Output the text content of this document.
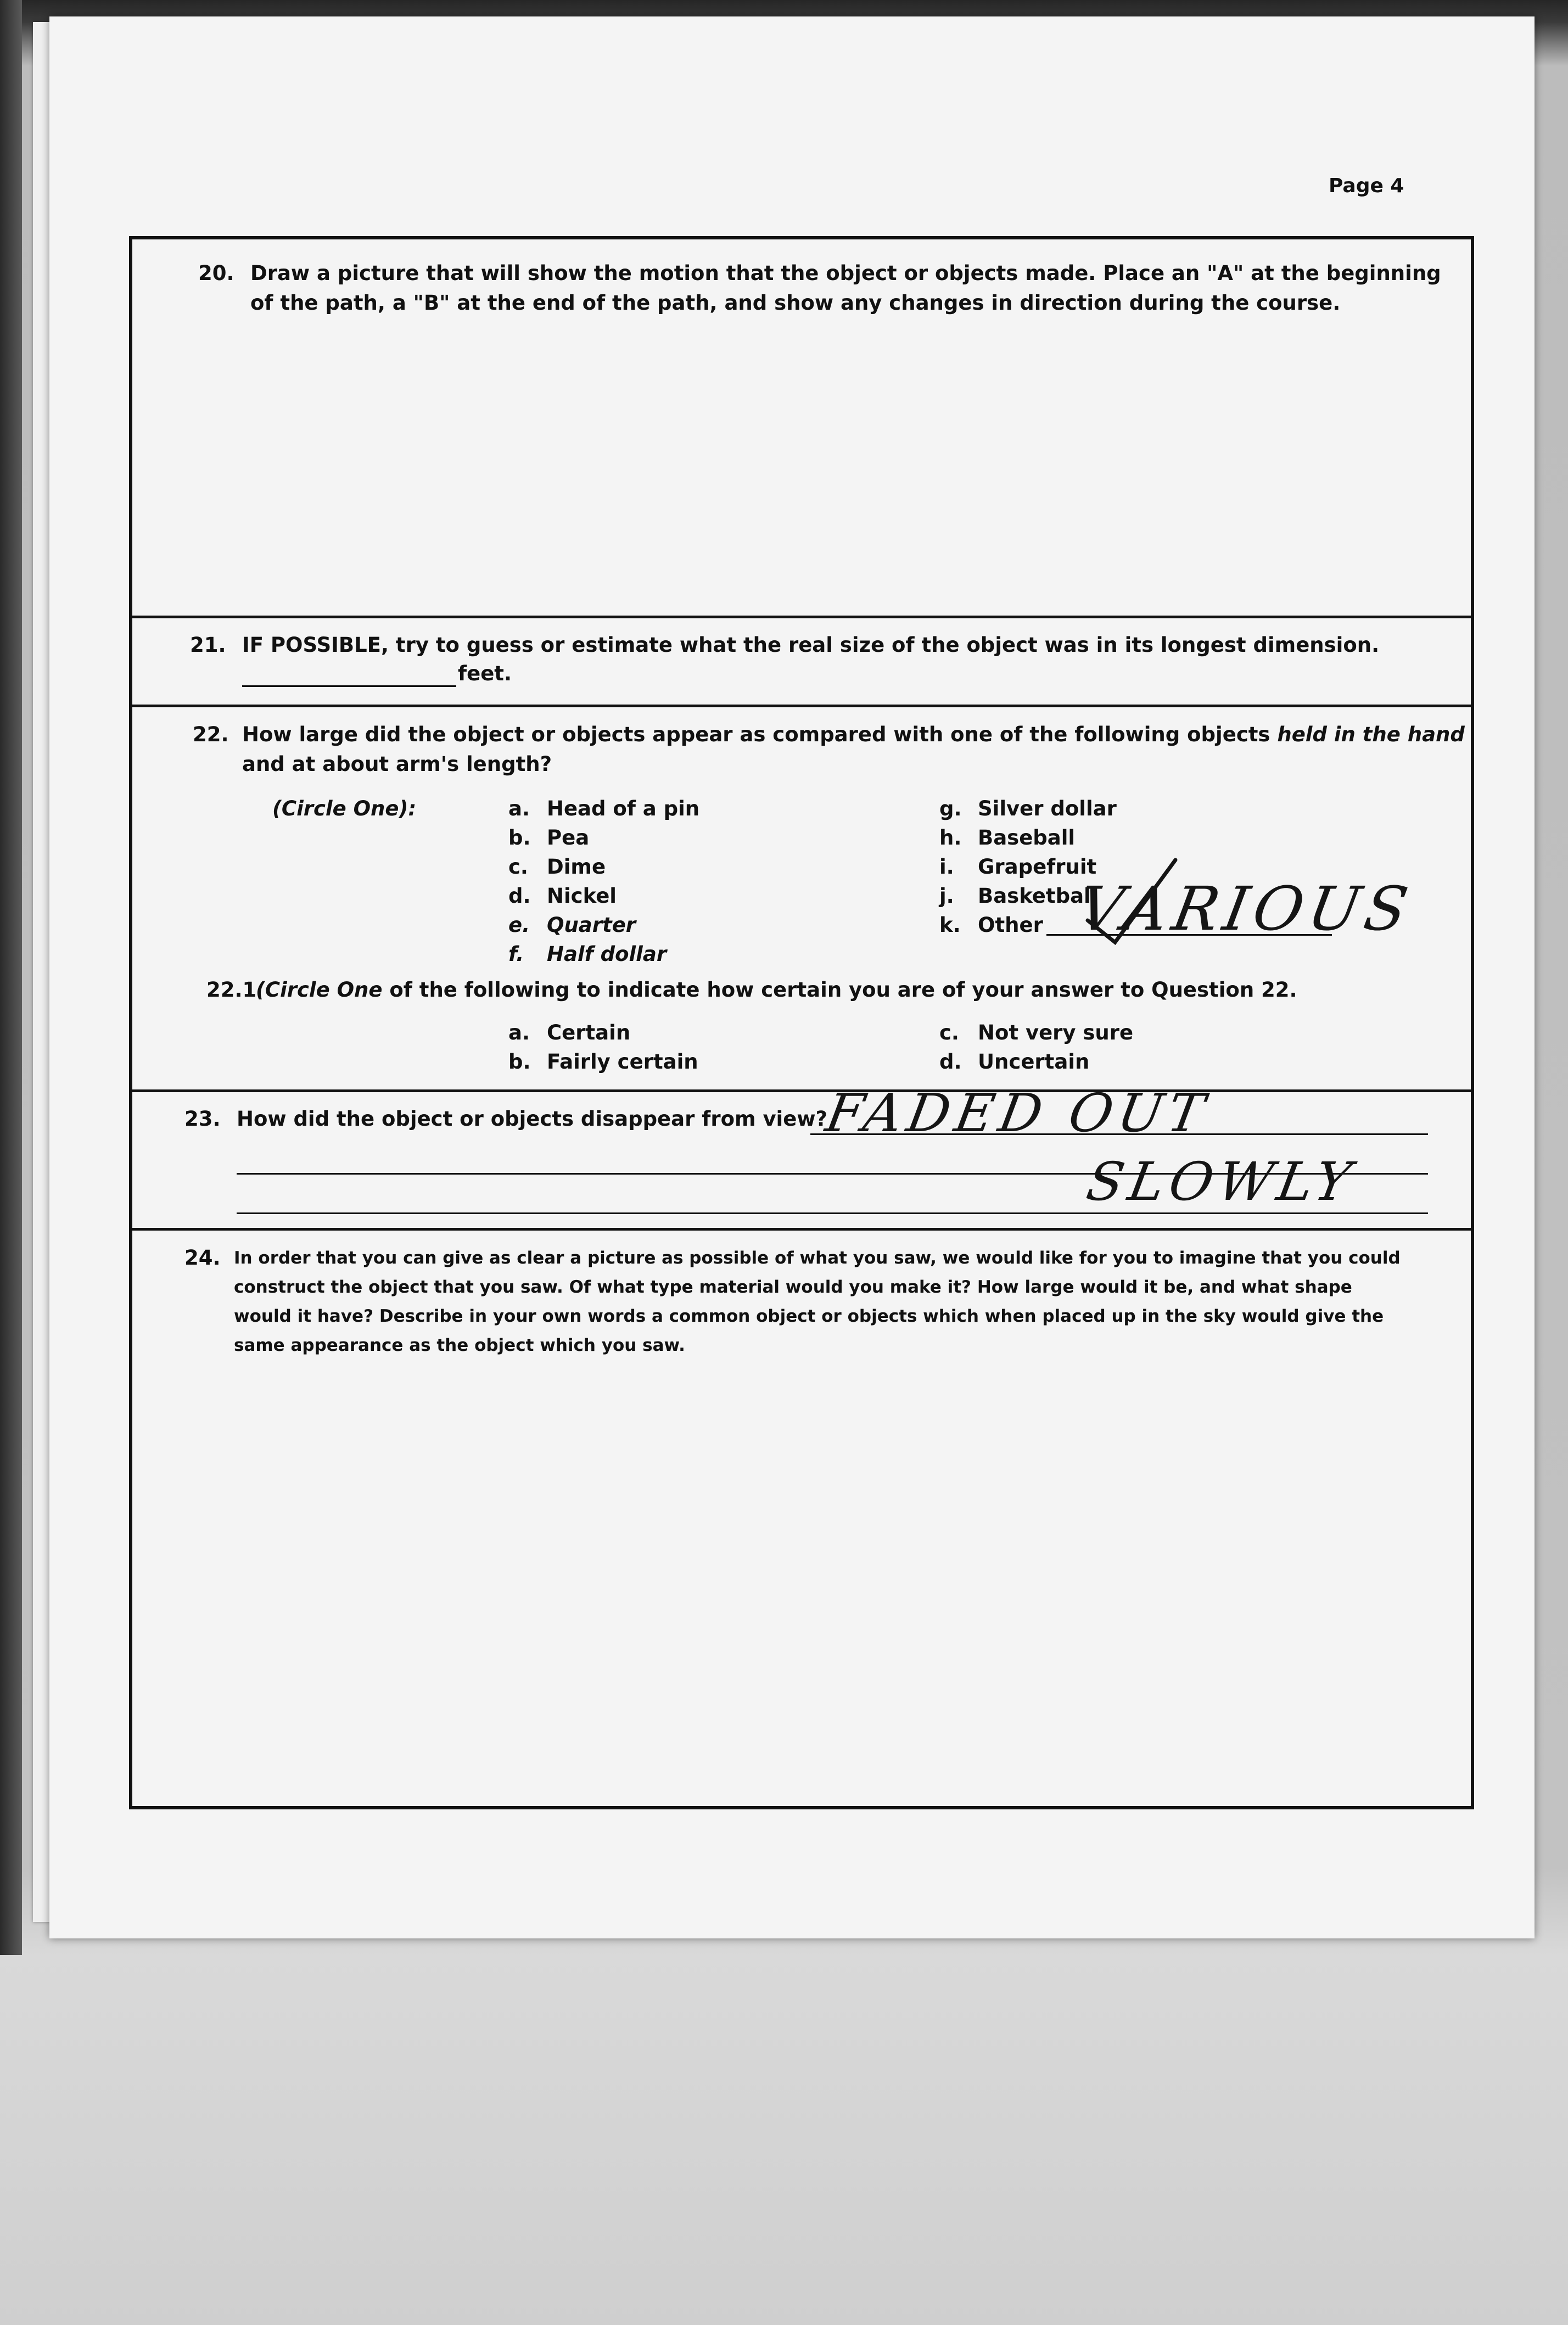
Page 4
20. Draw a picture that will show the motion that the object or objects made. Place an "A" at the beginning
of the path, a "B" at the end of the path, and show any changes in direction during the course.
21. IF POSSIBLE, try to guess or estimate what the real size of the object was in its longest dimension.
feet.
22. How large did the object or objects appear as compared with one of the following objects held in the hand
and at about arm's length?
(Circle One):	a. Head of a pin
b. Pea
c. Dime
d. Nickel
e. Quarter
f. Half dollar
g. Silver dollar
h. Baseball
i. Grapefruit
j. Basketball
k. Other VARIOUS
22.1(Circle One of the following to indicate how certain you are of your answer to Question 22.
a. Certain
b. Fairly certain
c. Not very sure
d. Uncertain
23. How did the object or objects disappear from view?
FADED OUT
SLOWLY
24. In order that you can give as clear a picture as possible of what you saw, we would like for you to imagine that you could
construct the object that you saw. Of what type material would you make it? How large would it be, and what shape
would it have? Describe in your own words a common object or objects which when placed up in the sky would give the
same appearance as the object which you saw.
